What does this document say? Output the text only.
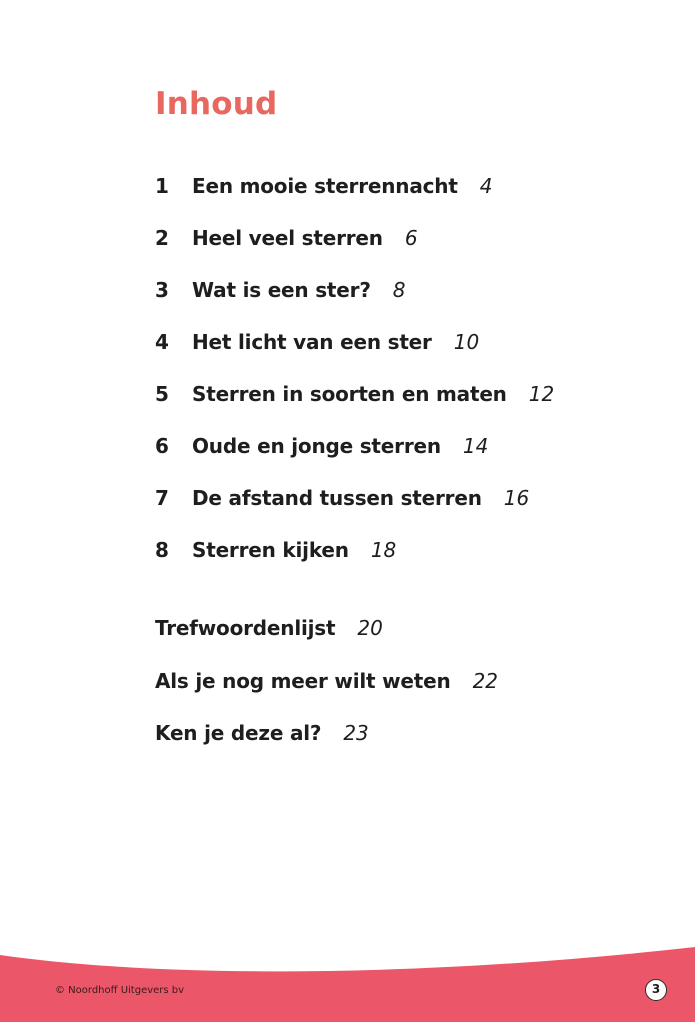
Inhoud
1	Een mooie sterrennacht 4
2	Heel veel sterren 6
3	Wat is een ster? 8
4	Het licht van een ster 10
5	Sterren in soorten en maten 12
6	Oude en jonge sterren 14
7	De afstand tussen sterren 16
8	Sterren kijken 18
Trefwoordenlijst 20
Als je nog meer wilt weten 22
Ken je deze al? 23
© Noordhoff Uitgevers bv	3
